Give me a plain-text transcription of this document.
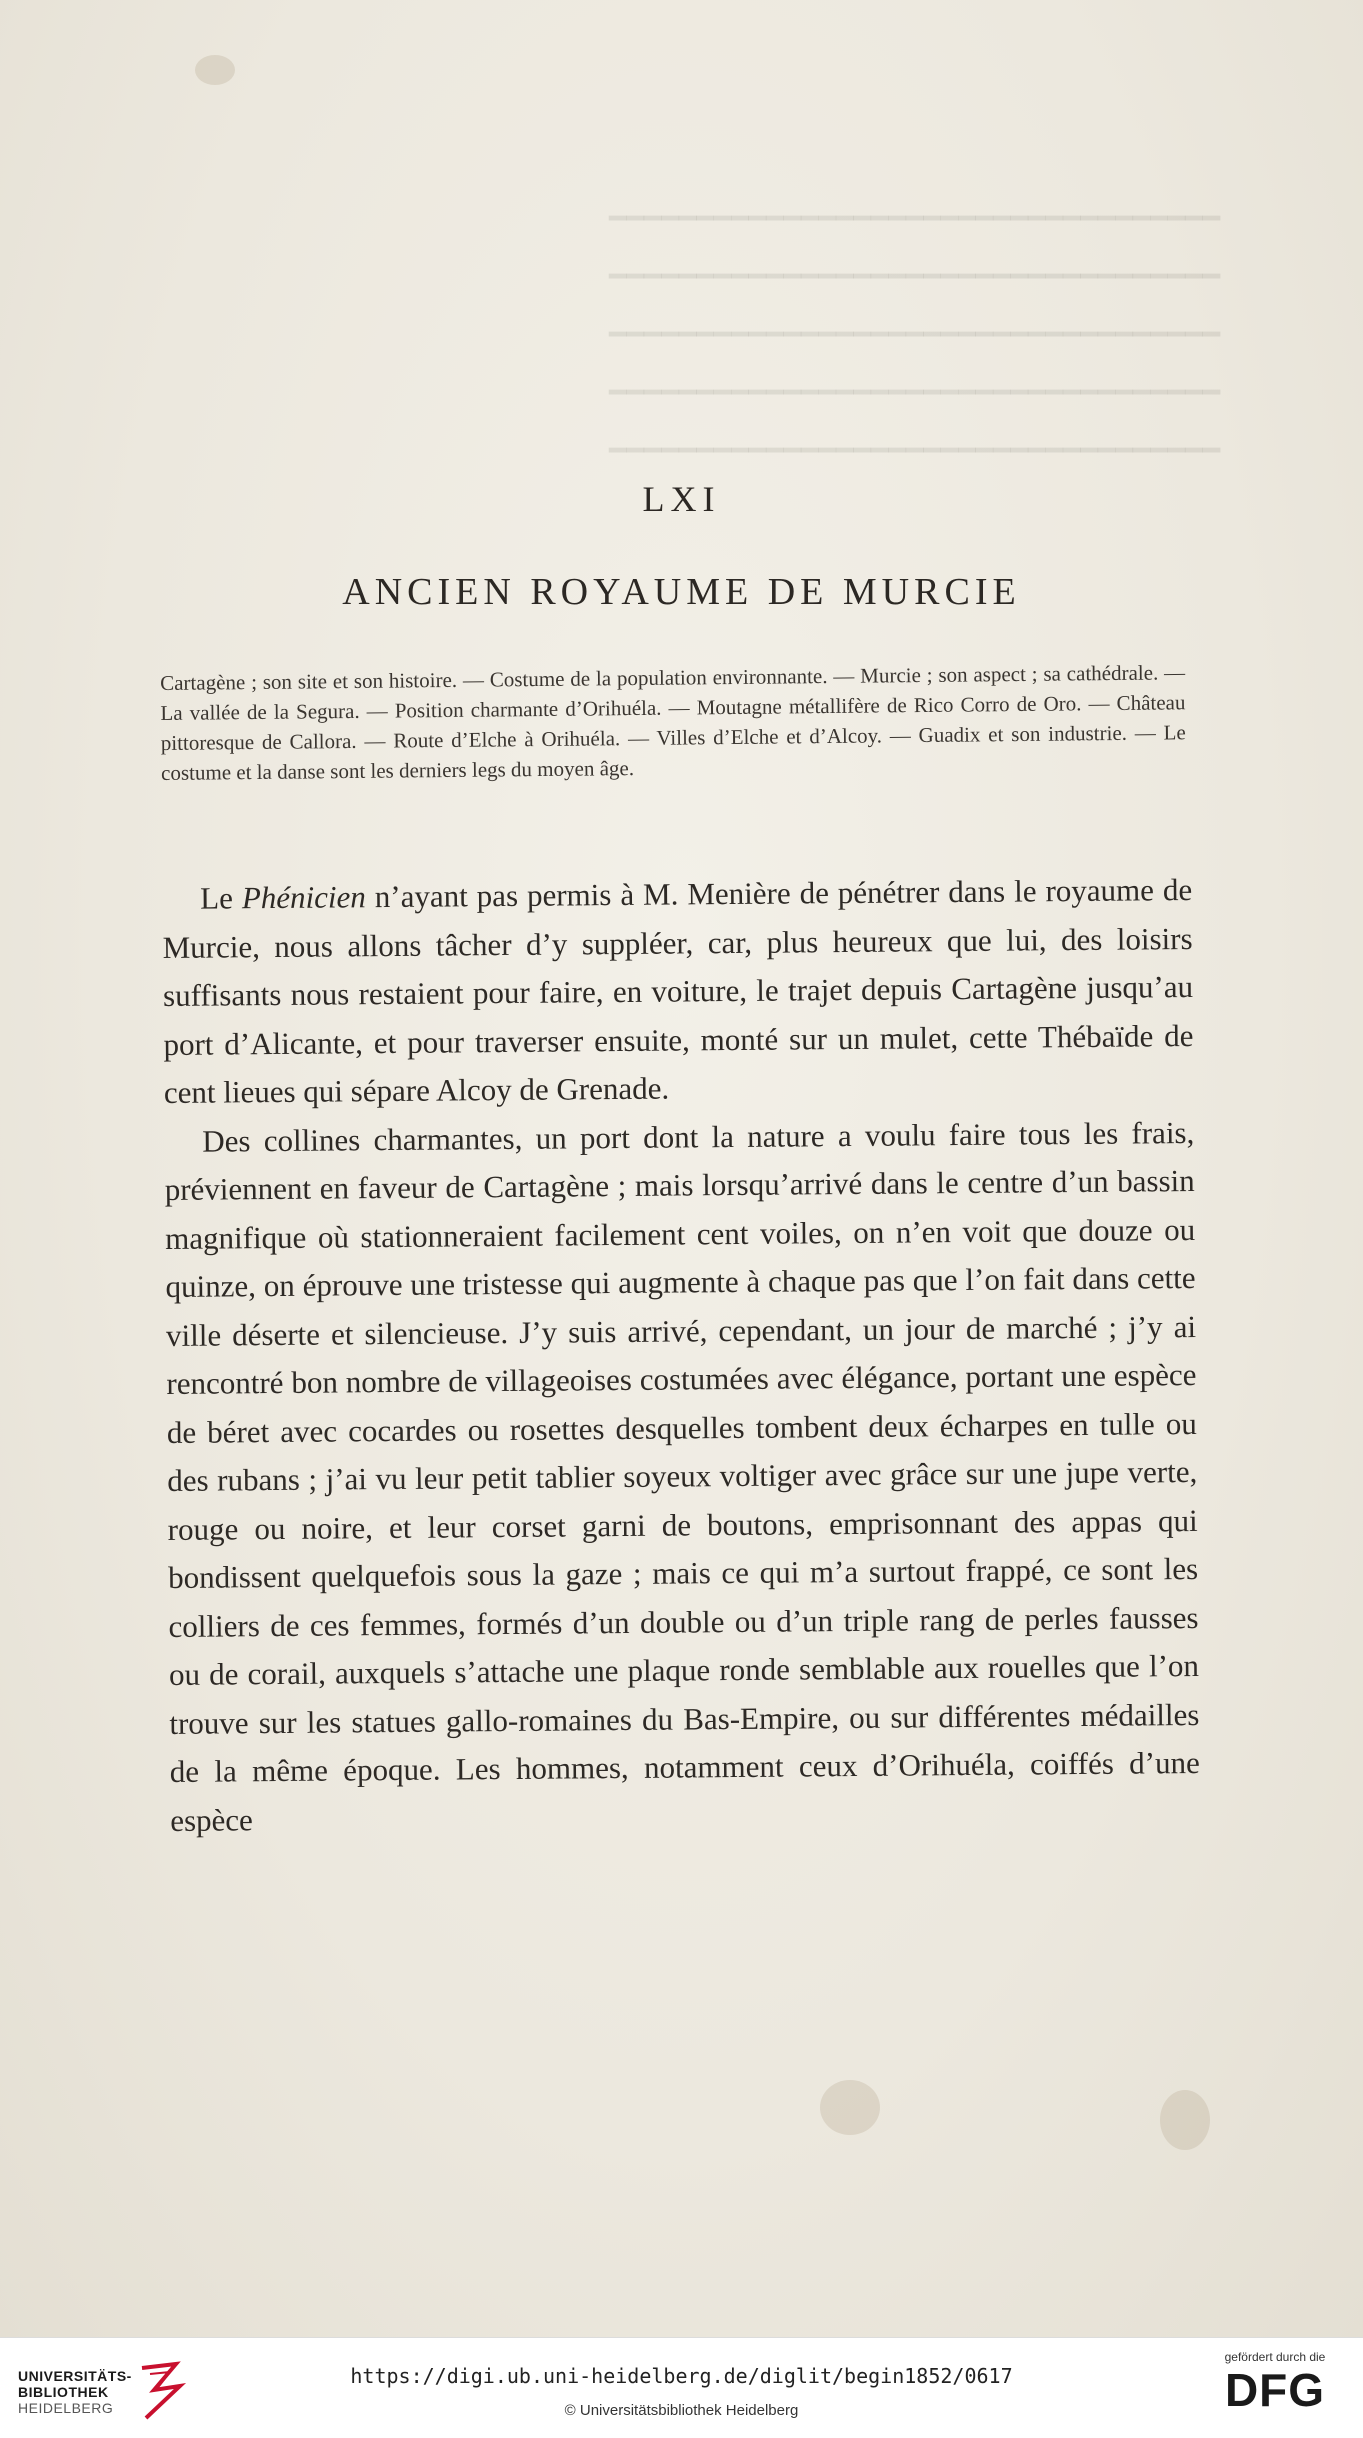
━━━━━━━━━━━━━━━━━━━━━━━━━━━━━━━━━━━
━━━━━━━━━━━━━━━━━━━━━━━━━━━━━━━━━━━
━━━━━━━━━━━━━━━━━━━━━━━━━━━━━━━━━━━
━━━━━━━━━━━━━━━━━━━━━━━━━━━━━━━━━━━
━━━━━━━━━━━━━━━━━━━━━━━━━━━━━━━━━━━
LXI
ANCIEN ROYAUME DE MURCIE
Cartagène ; son site et son histoire. — Costume de la population environnante. — Murcie ; son aspect ; sa cathédrale. — La vallée de la Segura. — Position charmante d’Orihuéla. — Moutagne métallifère de Rico Corro de Oro. — Château pittoresque de Callora. — Route d’Elche à Orihuéla. — Villes d’Elche et d’Alcoy. — Guadix et son industrie. — Le costume et la danse sont les derniers legs du moyen âge.

Le Phénicien n’ayant pas permis à M. Menière de pénétrer dans le royaume de Murcie, nous allons tâcher d’y suppléer, car, plus heureux que lui, des loisirs suffisants nous restaient pour faire, en voiture, le trajet depuis Cartagène jusqu’au port d’Alicante, et pour traverser ensuite, monté sur un mulet, cette Thébaïde de cent lieues qui sépare Alcoy de Grenade.

Des collines charmantes, un port dont la nature a voulu faire tous les frais, préviennent en faveur de Cartagène ; mais lorsqu’arrivé dans le centre d’un bassin magnifique où stationneraient facilement cent voiles, on n’en voit que douze ou quinze, on éprouve une tristesse qui augmente à chaque pas que l’on fait dans cette ville déserte et silencieuse. J’y suis arrivé, cependant, un jour de marché ; j’y ai rencontré bon nombre de villageoises costumées avec élégance, portant une espèce de béret avec cocardes ou rosettes desquelles tombent deux écharpes en tulle ou des rubans ; j’ai vu leur petit tablier soyeux voltiger avec grâce sur une jupe verte, rouge ou noire, et leur corset garni de boutons, emprisonnant des appas qui bondissent quelquefois sous la gaze ; mais ce qui m’a surtout frappé, ce sont les colliers de ces femmes, formés d’un double ou d’un triple rang de perles fausses ou de corail, auxquels s’attache une plaque ronde semblable aux rouelles que l’on trouve sur les statues gallo-romaines du Bas-Empire, ou sur différentes médailles de la même époque. Les hommes, notamment ceux d’Orihuéla, coiffés d’une espèce

UNIVERSITÄTS-
BIBLIOTHEK
HEIDELBERG
https://digi.ub.uni-heidelberg.de/diglit/begin1852/0617
© Universitätsbibliothek Heidelberg
gefördert durch die
DFG
